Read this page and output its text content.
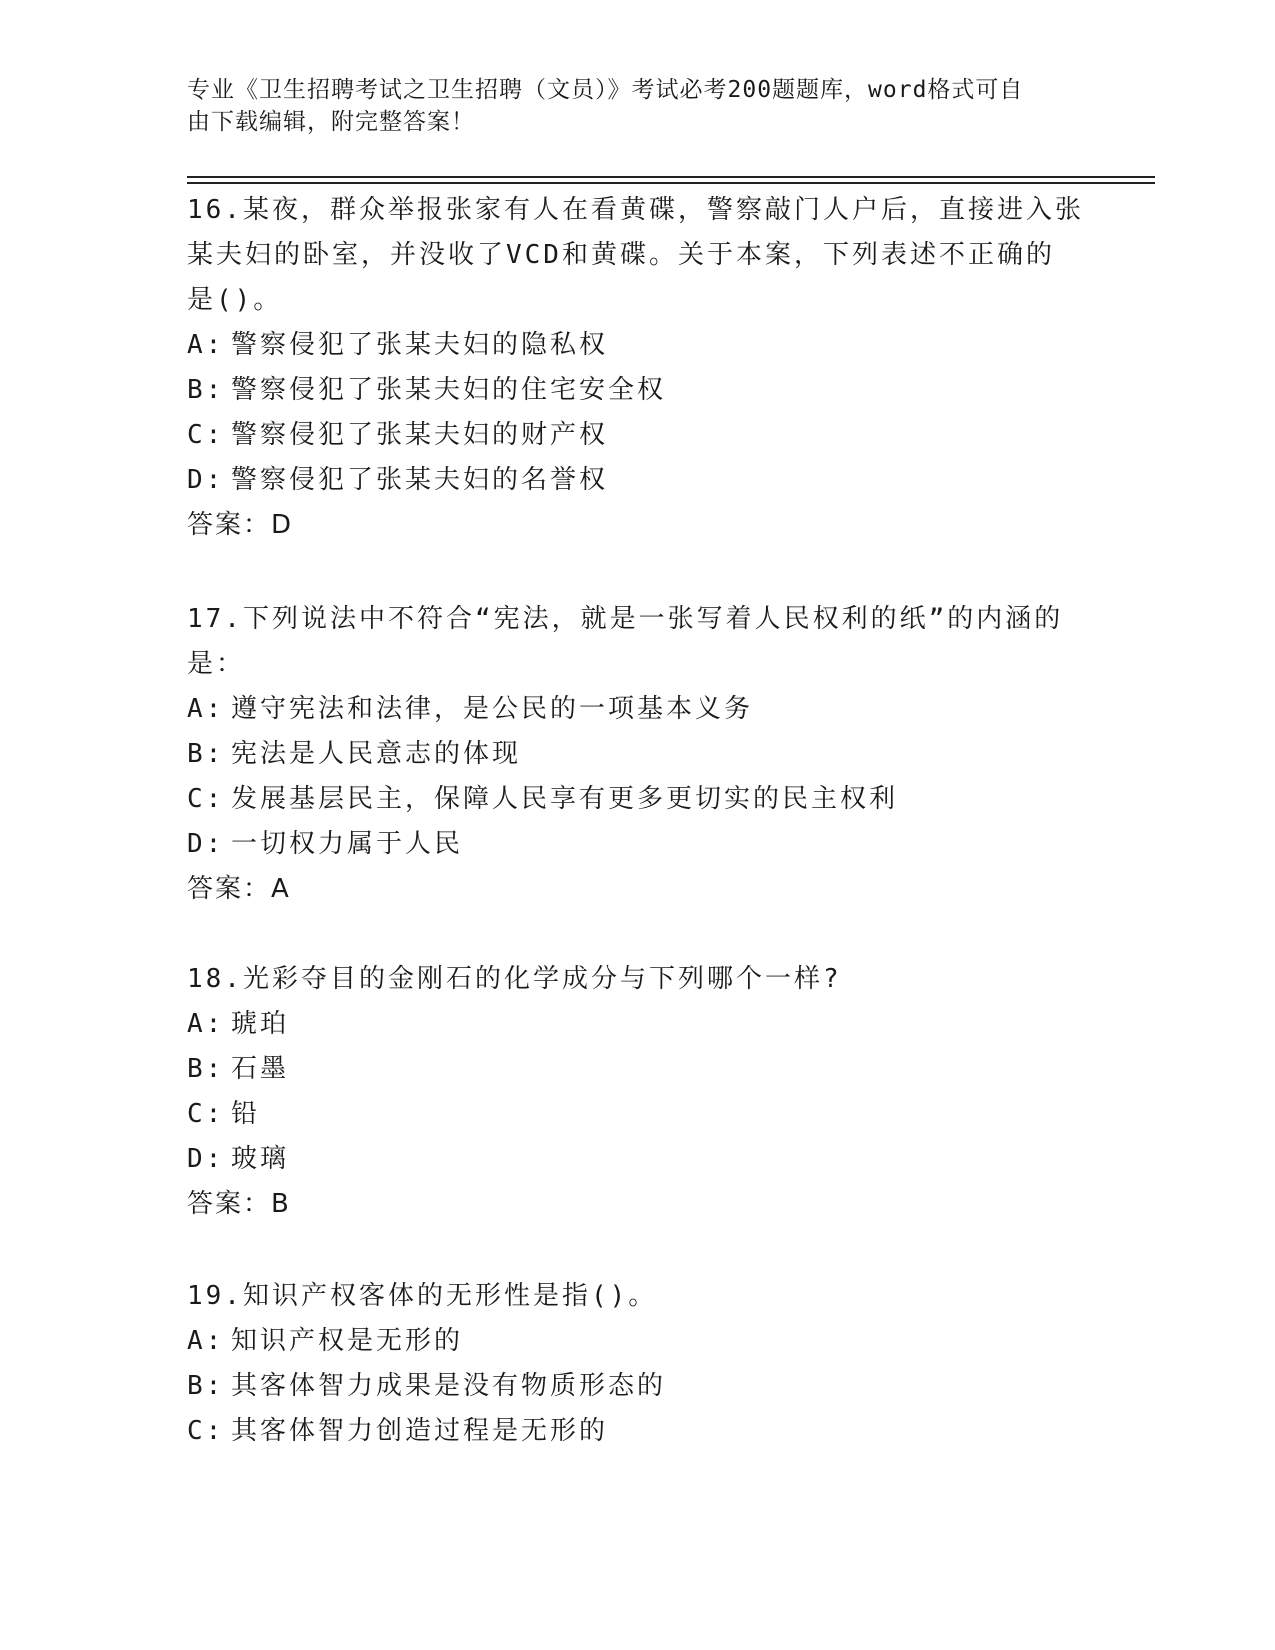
专业《卫生招聘考试之卫生招聘（文员）》考试必考200题题库，word格式可自
由下载编辑，附完整答案！
16.某夜，群众举报张家有人在看黄碟，警察敲门人户后，直接进入张
某夫妇的卧室，并没收了VCD和黄碟。关于本案，下列表述不正确的
是()。
A: 警察侵犯了张某夫妇的隐私权
B: 警察侵犯了张某夫妇的住宅安全权
C: 警察侵犯了张某夫妇的财产权
D: 警察侵犯了张某夫妇的名誉权
答案：D
17.下列说法中不符合“宪法，就是一张写着人民权利的纸”的内涵的
是：
A: 遵守宪法和法律，是公民的一项基本义务
B: 宪法是人民意志的体现
C: 发展基层民主，保障人民享有更多更切实的民主权利
D: 一切权力属于人民
答案：A
18.光彩夺目的金刚石的化学成分与下列哪个一样?
A: 琥珀
B: 石墨
C: 铅
D: 玻璃
答案：B
19.知识产权客体的无形性是指()。
A: 知识产权是无形的
B: 其客体智力成果是没有物质形态的
C: 其客体智力创造过程是无形的
